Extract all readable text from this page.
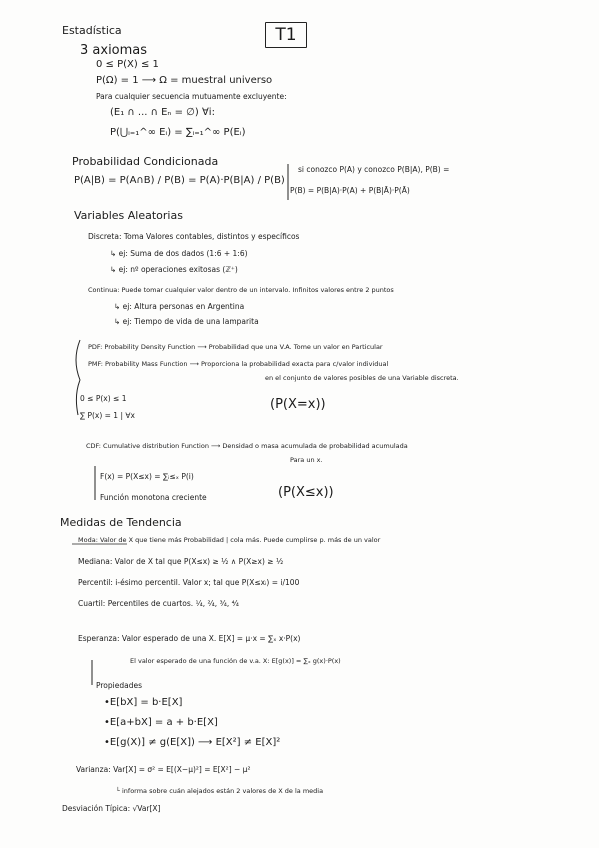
Estadística	T1
3 axiomas
0 ≤ P(X) ≤ 1
P(Ω) = 1 ⟶ Ω = muestral universo
Para cualquier secuencia mutuamente excluyente:
(E₁ ∩ ... ∩ Eₙ = ∅) ∀i:
P(⋃ᵢ₌₁^∞ Eᵢ) = ∑ᵢ₌₁^∞ P(Eᵢ)
Probabilidad Condicionada
P(A|B) = P(A∩B) / P(B) = P(A)·P(B|A) / P(B)
si conozco P(A) y conozco P(B|A), P(B) =
P(B) = P(B|A)·P(A) + P(B|Ā)·P(Ā)
Variables Aleatorias
Discreta: Toma Valores contables, distintos y específicos
↳ ej: Suma de dos dados (1:6 + 1:6)
↳ ej: nº operaciones exitosas (ℤ⁺)
Continua: Puede tomar cualquier valor dentro de un intervalo. Infinitos valores entre 2 puntos
↳ ej: Altura personas en Argentina
↳ ej: Tiempo de vida de una lamparita
PDF: Probability Density Function ⟶ Probabilidad que una V.A. Tome un valor en Particular
PMF: Probability Mass Function ⟶ Proporciona la probabilidad exacta para c/valor individual
en el conjunto de valores posibles de una Variable discreta.
0 ≤ P(x) ≤ 1
∑ P(x) = 1 | ∀x
(P(X=x))
CDF: Cumulative distribution Function ⟶ Densidad o masa acumulada de probabilidad acumulada
Para un x.
F(x) = P(X≤x) = ∑ᵢ≤ₓ P(i)
Función monotona creciente	(P(X≤x))
Medidas de Tendencia
Moda: Valor de X que tiene más Probabilidad | cola más. Puede cumplirse p. más de un valor
Mediana: Valor de X tal que P(X≤x) ≥ ½ ∧ P(X≥x) ≥ ½
Percentil: i-ésimo percentil. Valor x; tal que P(X≤xᵢ) = i/100
Cuartil: Percentiles de cuartos. ¹⁄₄, ²⁄₄, ³⁄₄, ⁴⁄₄
Esperanza: Valor esperado de una X. E[X] = μ·x = ∑ₓ x·P(x)
El valor esperado de una función de v.a. X: E[g(x)] = ∑ₓ g(x)·P(x)
Propiedades
•E[bX] = b·E[X]
•E[a+bX] = a + b·E[X]
•E[g(X)] ≠ g(E[X]) ⟶ E[X²] ≠ E[X]²
Varianza: Var[X] = σ² = E[(X−μ)²] = E[X²] − μ²
└ informa sobre cuán alejados están 2 valores de X de la media
Desviación Típica: √Var[X]
